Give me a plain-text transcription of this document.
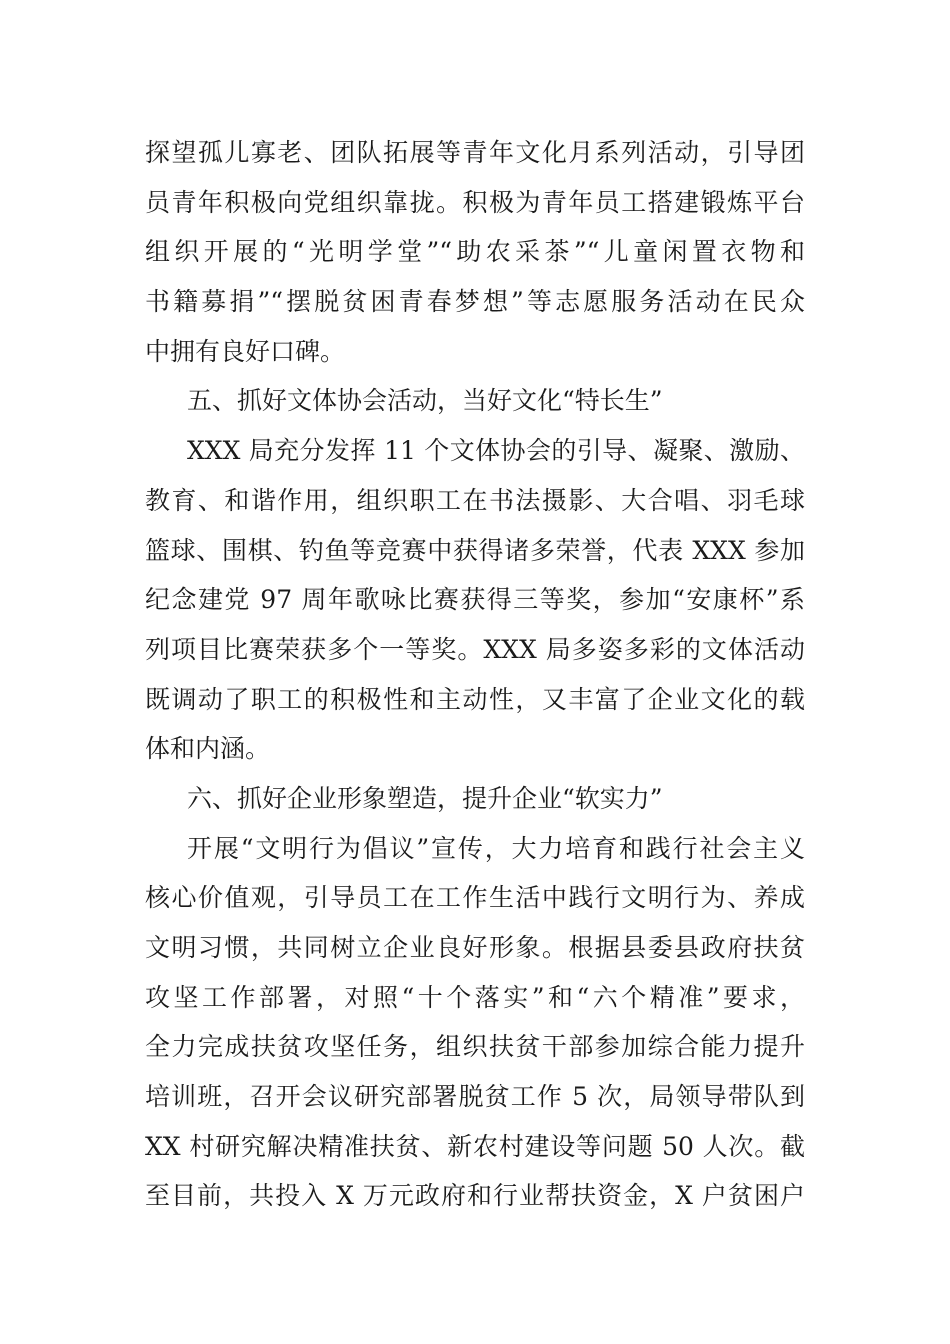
探望孤儿寡老、团队拓展等青年文化月系列活动，引导团
员青年积极向党组织靠拢。积极为青年员工搭建锻炼平台
组织开展的“光明学堂”“助农采茶”“儿童闲置衣物和
书籍募捐”“摆脱贫困青春梦想”等志愿服务活动在民众
中拥有良好口碑。
五、抓好文体协会活动，当好文化“特长生”
XXX 局充分发挥 11 个文体协会的引导、凝聚、激励、
教育、和谐作用，组织职工在书法摄影、大合唱、羽毛球
篮球、围棋、钓鱼等竞赛中获得诸多荣誉，代表 XXX 参加
纪念建党 97 周年歌咏比赛获得三等奖，参加“安康杯”系
列项目比赛荣获多个一等奖。XXX 局多姿多彩的文体活动
既调动了职工的积极性和主动性，又丰富了企业文化的载
体和内涵。
六、抓好企业形象塑造，提升企业“软实力”
开展“文明行为倡议”宣传，大力培育和践行社会主义
核心价值观，引导员工在工作生活中践行文明行为、养成
文明习惯，共同树立企业良好形象。根据县委县政府扶贫
攻坚工作部署，对照“十个落实”和“六个精准”要求，
全力完成扶贫攻坚任务，组织扶贫干部参加综合能力提升
培训班，召开会议研究部署脱贫工作 5 次，局领导带队到
XX 村研究解决精准扶贫、新农村建设等问题 50 人次。截
至目前，共投入 X 万元政府和行业帮扶资金，X 户贫困户
